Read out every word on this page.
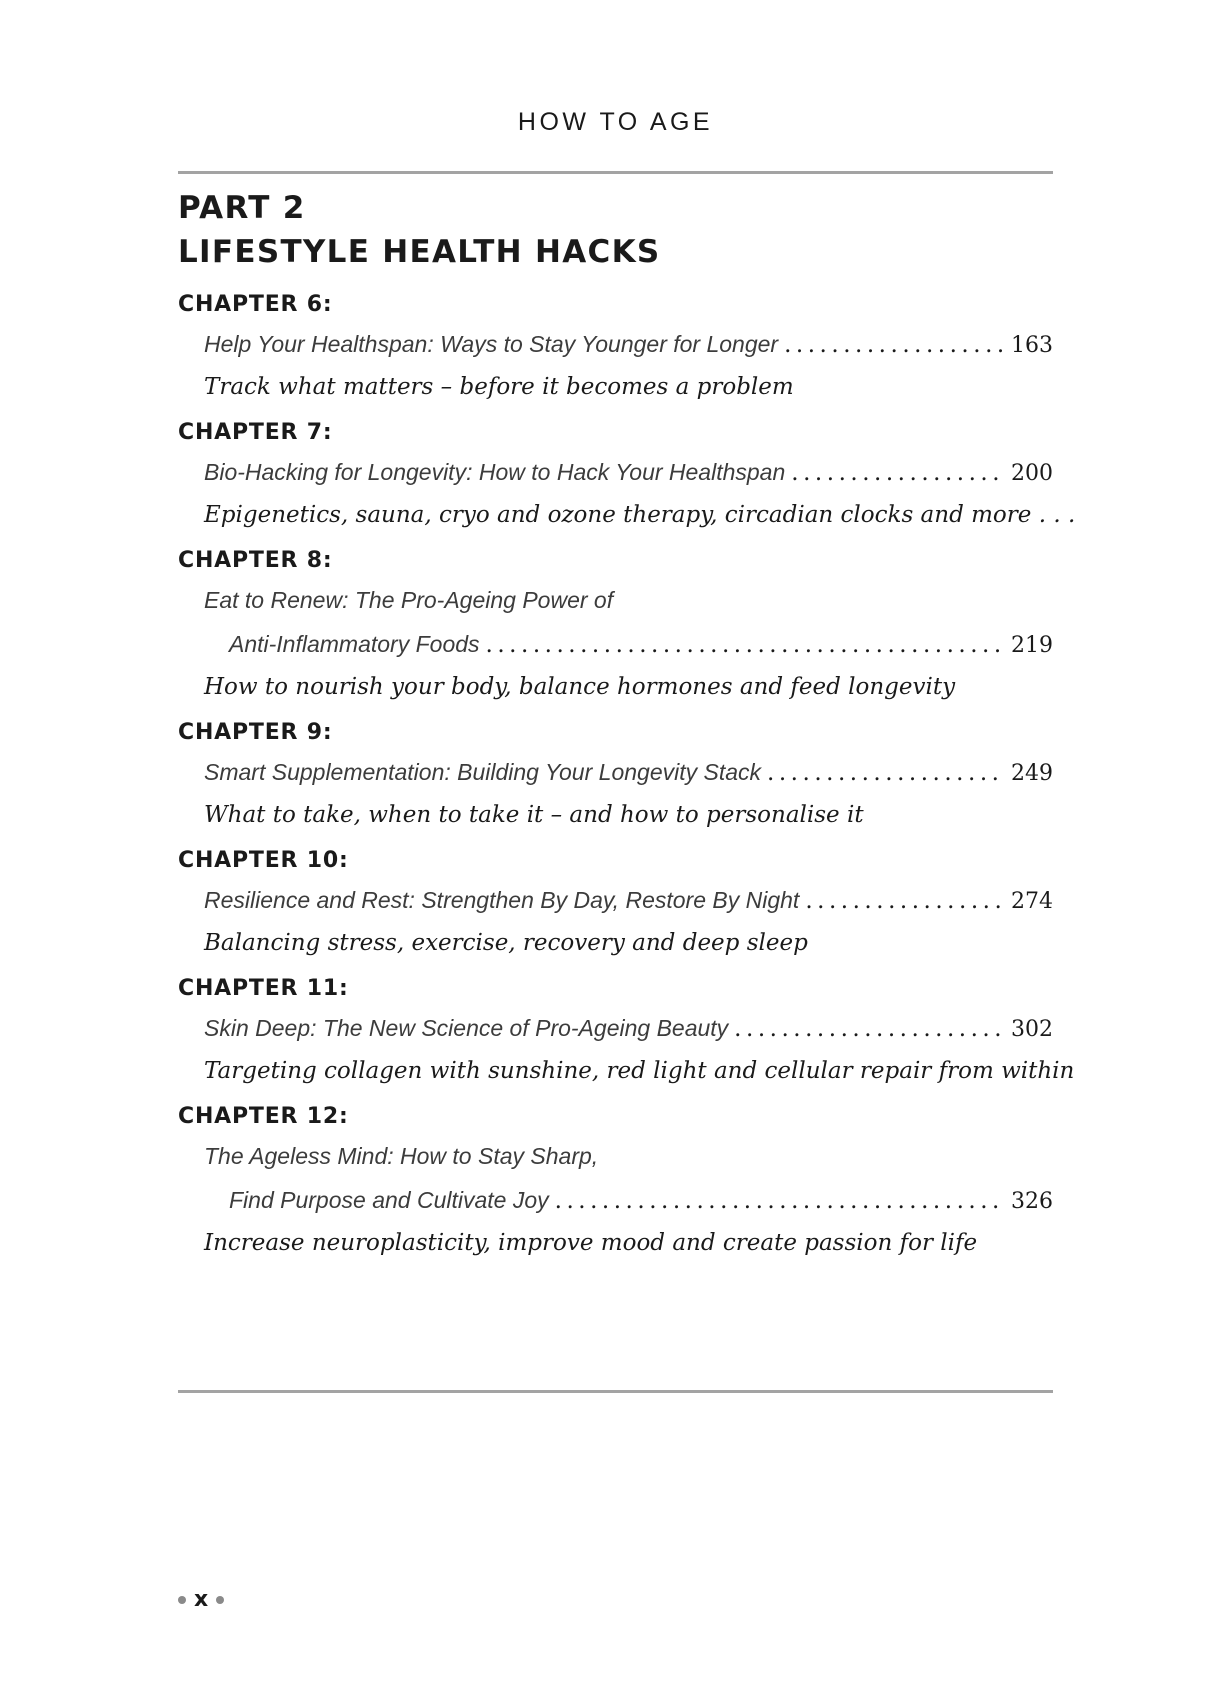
HOW TO AGE
PART 2
LIFESTYLE HEALTH HACKS
CHAPTER 6:
Help Your Healthspan: Ways to Stay Younger for Longer . . .	163
Track what matters – before it becomes a problem
CHAPTER 7:
Bio-Hacking for Longevity: How to Hack Your Healthspan . . .	200
Epigenetics, sauna, cryo and ozone therapy, circadian clocks and more . . .
CHAPTER 8:
Eat to Renew: The Pro-Ageing Power of
Anti-Inflammatory Foods . . .	219
How to nourish your body, balance hormones and feed longevity
CHAPTER 9:
Smart Supplementation: Building Your Longevity Stack . . .	249
What to take, when to take it – and how to personalise it
CHAPTER 10:
Resilience and Rest: Strengthen By Day, Restore By Night . . .	274
Balancing stress, exercise, recovery and deep sleep
CHAPTER 11:
Skin Deep: The New Science of Pro-Ageing Beauty . . .	302
Targeting collagen with sunshine, red light and cellular repair from within
CHAPTER 12:
The Ageless Mind: How to Stay Sharp,
Find Purpose and Cultivate Joy . . .	326
Increase neuroplasticity, improve mood and create passion for life
x
